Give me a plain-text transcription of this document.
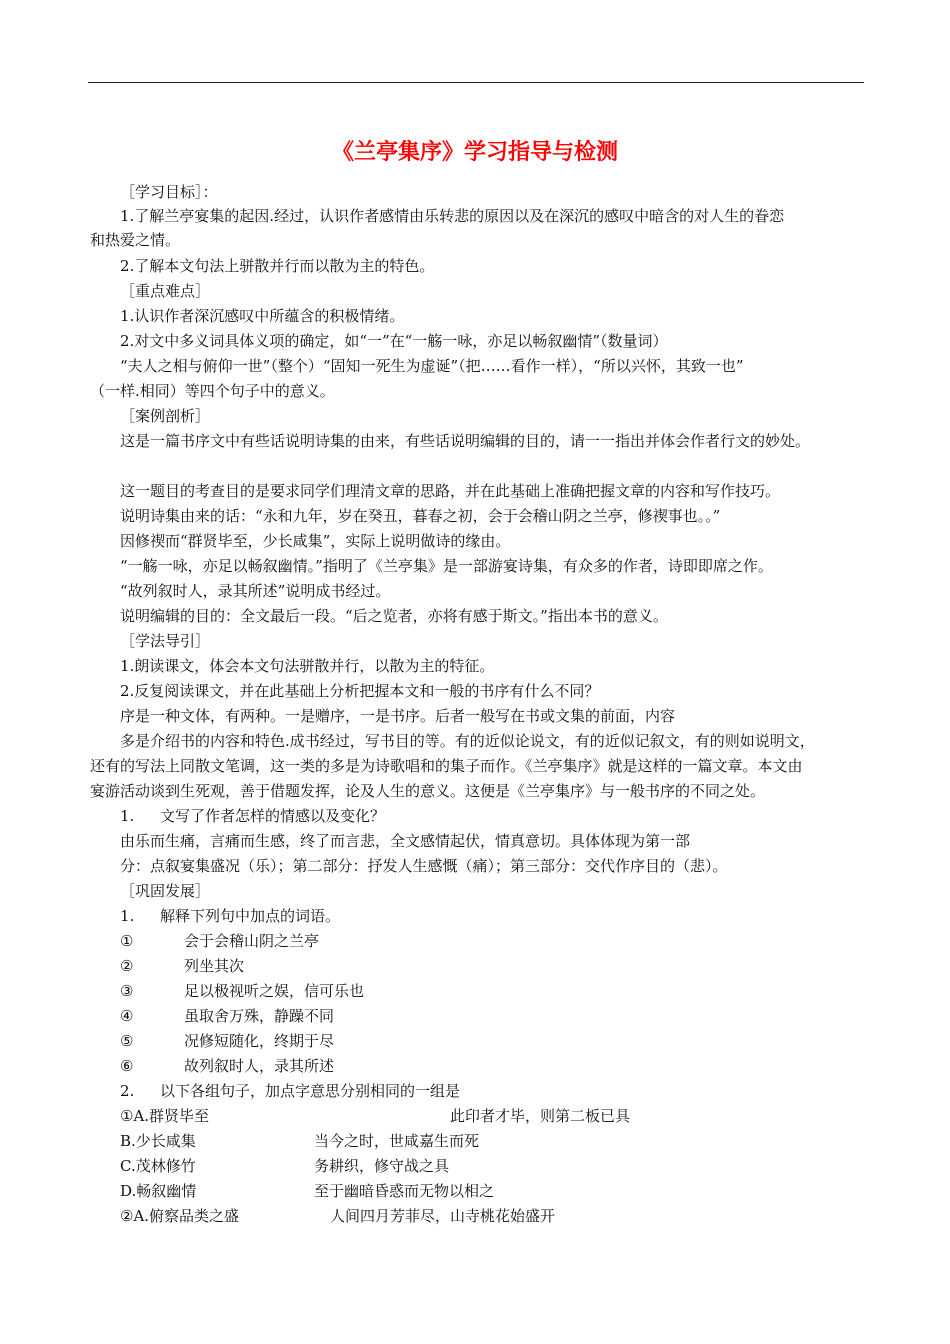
《兰亭集序》学习指导与检测

［学习目标］：

1.了解兰亭宴集的起因.经过，认识作者感情由乐转悲的原因以及在深沉的感叹中暗含的对人生的眷恋

和热爱之情。

2.了解本文句法上骈散并行而以散为主的特色。

［重点难点］

1.认识作者深沉感叹中所蕴含的积极情绪。

2.对文中多义词具体义项的确定，如“一”在“一觞一咏，亦足以畅叙幽情”（数量词）

“夫人之相与俯仰一世”（整个）“固知一死生为虚诞”（把……看作一样），“所以兴怀，其致一也”

（一样.相同）等四个句子中的意义。

［案例剖析］

这是一篇书序文中有些话说明诗集的由来，有些话说明编辑的目的，请一一指出并体会作者行文的妙处。

这一题目的考查目的是要求同学们理清文章的思路，并在此基础上准确把握文章的内容和写作技巧。

说明诗集由来的话：“永和九年，岁在癸丑，暮春之初，会于会稽山阴之兰亭，修禊事也。。”

因修禊而“群贤毕至，少长咸集”，实际上说明做诗的缘由。

“一觞一咏，亦足以畅叙幽情。”指明了《兰亭集》是一部游宴诗集，有众多的作者，诗即即席之作。

“故列叙时人，录其所述”说明成书经过。

说明编辑的目的：全文最后一段。“后之览者，亦将有感于斯文。”指出本书的意义。

［学法导引］

1.朗读课文，体会本文句法骈散并行，以散为主的特征。

2.反复阅读课文，并在此基础上分析把握本文和一般的书序有什么不同？

序是一种文体，有两种。一是赠序，一是书序。后者一般写在书或文集的前面，内容

多是介绍书的内容和特色.成书经过，写书目的等。有的近似论说文，有的近似记叙文，有的则如说明文，

还有的写法上同散文笔调，这一类的多是为诗歌唱和的集子而作。《兰亭集序》就是这样的一篇文章。本文由

宴游活动谈到生死观，善于借题发挥，论及人生的意义。这便是《兰亭集序》与一般书序的不同之处。

1. 文写了作者怎样的情感以及变化？

由乐而生痛，言痛而生感，终了而言悲，全文感情起伏，情真意切。具体体现为第一部

分：点叙宴集盛况（乐）；第二部分：抒发人生感慨（痛）；第三部分：交代作序目的（悲）。

［巩固发展］

1. 解释下列句中加点的词语。

①	会于会稽山阴之兰亭

②	列坐其次

③	足以极视听之娱，信可乐也

④	虽取舍万殊，静躁不同

⑤	况修短随化，终期于尽

⑥	故列叙时人，录其所述

2. 以下各组句子，加点字意思分别相同的一组是

①A.群贤毕至	此印者才毕，则第二板已具
B.少长咸集	当今之时，世咸嘉生而死
C.茂林修竹	务耕织，修守战之具
D.畅叙幽情	至于幽暗昏惑而无物以相之
②A.俯察品类之盛	人间四月芳菲尽，山寺桃花始盛开
